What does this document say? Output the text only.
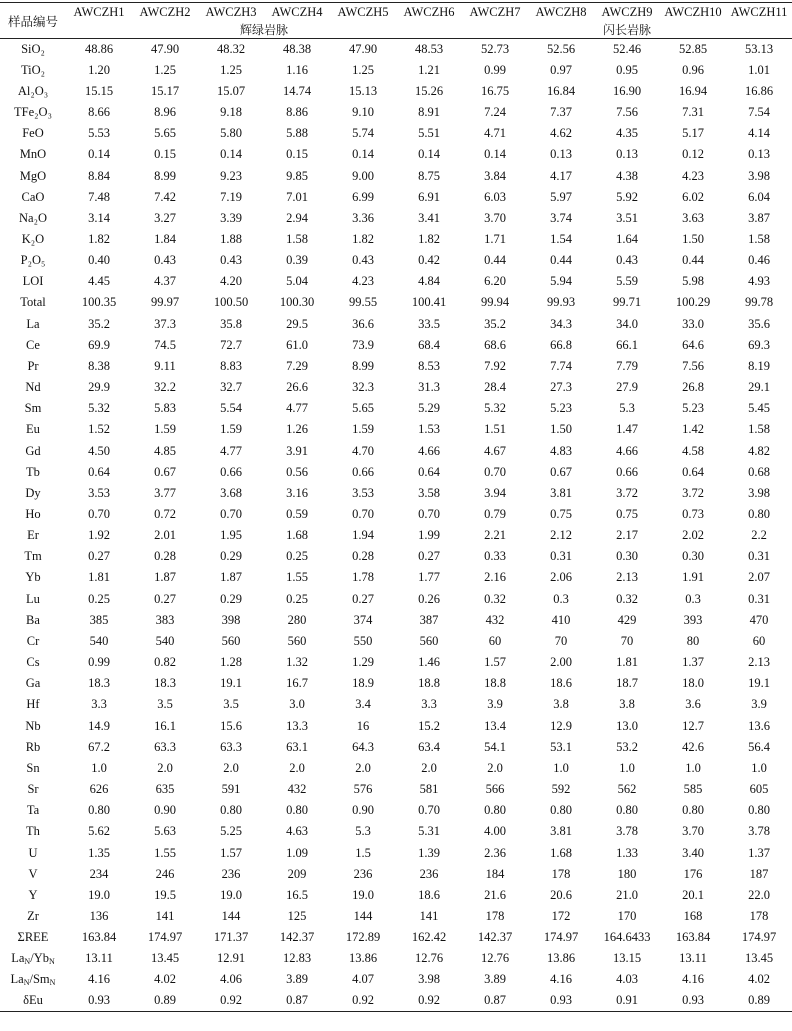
样品编号	AWCZH1	AWCZH2	AWCZH3	AWCZH4	AWCZH5	AWCZH6	AWCZH7	AWCZH8	AWCZH9	AWCZH10	AWCZH11
	辉绿岩脉						闪长岩脉				
SiO₂	48.86	47.90	48.32	48.38	47.90	48.53	52.73	52.56	52.46	52.85	53.13
TiO₂	1.20	1.25	1.25	1.16	1.25	1.21	0.99	0.97	0.95	0.96	1.01
Al₂O₃	15.15	15.17	15.07	14.74	15.13	15.26	16.75	16.84	16.90	16.94	16.86
TFe₂O₃	8.66	8.96	9.18	8.86	9.10	8.91	7.24	7.37	7.56	7.31	7.54
FeO	5.53	5.65	5.80	5.88	5.74	5.51	4.71	4.62	4.35	5.17	4.14
MnO	0.14	0.15	0.14	0.15	0.14	0.14	0.14	0.13	0.13	0.12	0.13
MgO	8.84	8.99	9.23	9.85	9.00	8.75	3.84	4.17	4.38	4.23	3.98
CaO	7.48	7.42	7.19	7.01	6.99	6.91	6.03	5.97	5.92	6.02	6.04
Na₂O	3.14	3.27	3.39	2.94	3.36	3.41	3.70	3.74	3.51	3.63	3.87
K₂O	1.82	1.84	1.88	1.58	1.82	1.82	1.71	1.54	1.64	1.50	1.58
P₂O₅	0.40	0.43	0.43	0.39	0.43	0.42	0.44	0.44	0.43	0.44	0.46
LOI	4.45	4.37	4.20	5.04	4.23	4.84	6.20	5.94	5.59	5.98	4.93
Total	100.35	99.97	100.50	100.30	99.55	100.41	99.94	99.93	99.71	100.29	99.78
La	35.2	37.3	35.8	29.5	36.6	33.5	35.2	34.3	34.0	33.0	35.6
Ce	69.9	74.5	72.7	61.0	73.9	68.4	68.6	66.8	66.1	64.6	69.3
Pr	8.38	9.11	8.83	7.29	8.99	8.53	7.92	7.74	7.79	7.56	8.19
Nd	29.9	32.2	32.7	26.6	32.3	31.3	28.4	27.3	27.9	26.8	29.1
Sm	5.32	5.83	5.54	4.77	5.65	5.29	5.32	5.23	5.3	5.23	5.45
Eu	1.52	1.59	1.59	1.26	1.59	1.53	1.51	1.50	1.47	1.42	1.58
Gd	4.50	4.85	4.77	3.91	4.70	4.66	4.67	4.83	4.66	4.58	4.82
Tb	0.64	0.67	0.66	0.56	0.66	0.64	0.70	0.67	0.66	0.64	0.68
Dy	3.53	3.77	3.68	3.16	3.53	3.58	3.94	3.81	3.72	3.72	3.98
Ho	0.70	0.72	0.70	0.59	0.70	0.70	0.79	0.75	0.75	0.73	0.80
Er	1.92	2.01	1.95	1.68	1.94	1.99	2.21	2.12	2.17	2.02	2.2
Tm	0.27	0.28	0.29	0.25	0.28	0.27	0.33	0.31	0.30	0.30	0.31
Yb	1.81	1.87	1.87	1.55	1.78	1.77	2.16	2.06	2.13	1.91	2.07
Lu	0.25	0.27	0.29	0.25	0.27	0.26	0.32	0.3	0.32	0.3	0.31
Ba	385	383	398	280	374	387	432	410	429	393	470
Cr	540	540	560	560	550	560	60	70	70	80	60
Cs	0.99	0.82	1.28	1.32	1.29	1.46	1.57	2.00	1.81	1.37	2.13
Ga	18.3	18.3	19.1	16.7	18.9	18.8	18.8	18.6	18.7	18.0	19.1
Hf	3.3	3.5	3.5	3.0	3.4	3.3	3.9	3.8	3.8	3.6	3.9
Nb	14.9	16.1	15.6	13.3	16	15.2	13.4	12.9	13.0	12.7	13.6
Rb	67.2	63.3	63.3	63.1	64.3	63.4	54.1	53.1	53.2	42.6	56.4
Sn	1.0	2.0	2.0	2.0	2.0	2.0	2.0	1.0	1.0	1.0	1.0
Sr	626	635	591	432	576	581	566	592	562	585	605
Ta	0.80	0.90	0.80	0.80	0.90	0.70	0.80	0.80	0.80	0.80	0.80
Th	5.62	5.63	5.25	4.63	5.3	5.31	4.00	3.81	3.78	3.70	3.78
U	1.35	1.55	1.57	1.09	1.5	1.39	2.36	1.68	1.33	3.40	1.37
V	234	246	236	209	236	236	184	178	180	176	187
Y	19.0	19.5	19.0	16.5	19.0	18.6	21.6	20.6	21.0	20.1	22.0
Zr	136	141	144	125	144	141	178	172	170	168	178
ΣREE	163.84	174.97	171.37	142.37	172.89	162.42	142.37	174.97	164.6433	163.84	174.97
$La_N/Yb_N$	13.11	13.45	12.91	12.83	13.86	12.76	12.76	13.86	13.15	13.11	13.45
$La_N/Sm_N$	4.16	4.02	4.06	3.89	4.07	3.98	3.89	4.16	4.03	4.16	4.02
δEu	0.93	0.89	0.92	0.87	0.92	0.92	0.87	0.93	0.91	0.93	0.89
